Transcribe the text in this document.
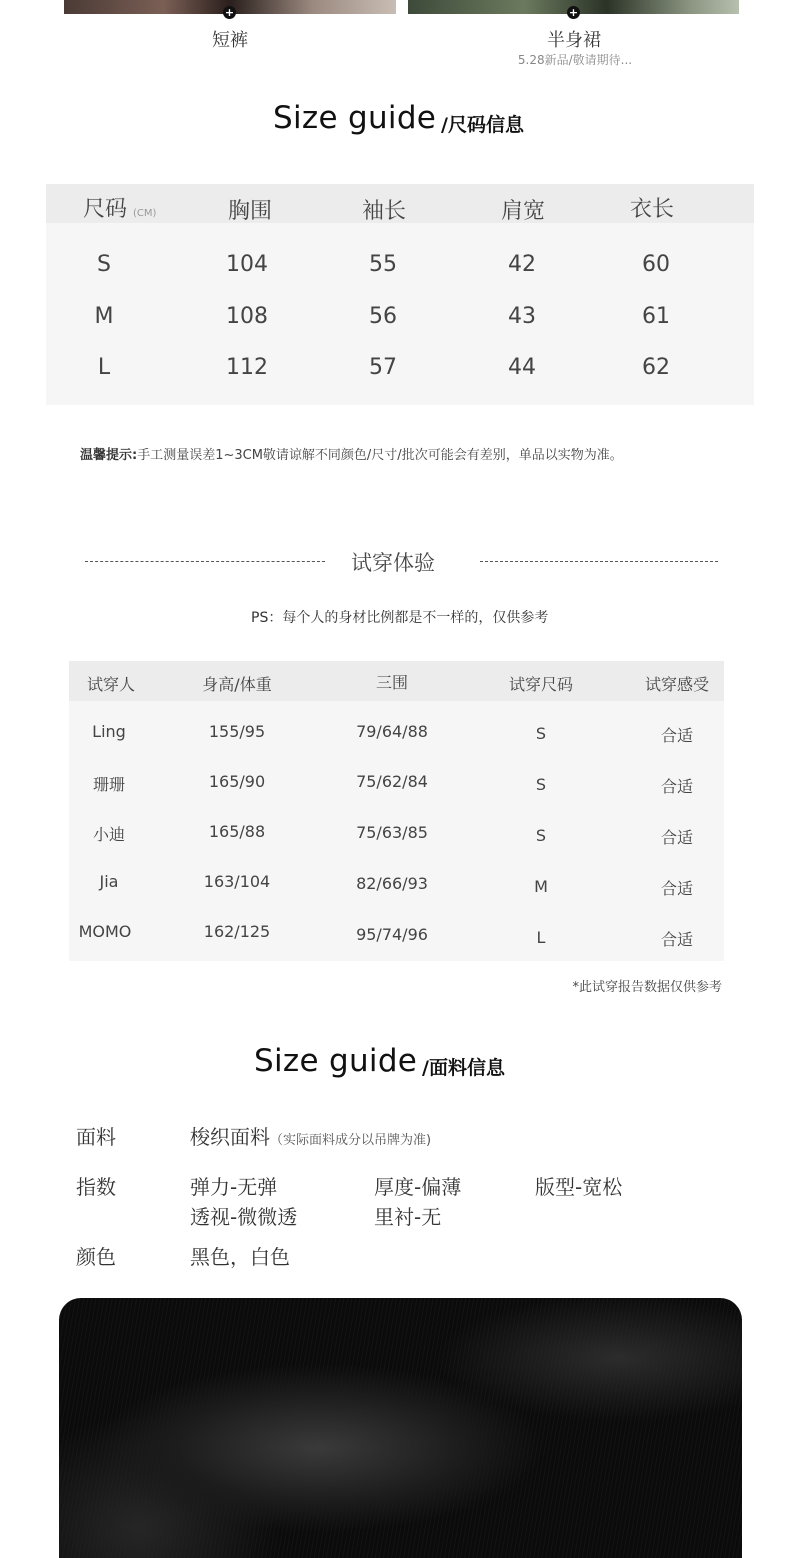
+	+
短裤	半身裙
5.28新品/敬请期待...
Size guide /尺码信息
尺码 (CM)	胸围	袖长	肩宽	衣长
S	104	55	42	60
M	108	56	43	61
L	112	57	44	62
温馨提示:手工测量误差1~3CM敬请谅解不同颜色/尺寸/批次可能会有差别，单品以实物为准。
试穿体验
PS：每个人的身材比例都是不一样的，仅供参考
试穿人	身高/体重	三围	试穿尺码	试穿感受
Ling	155/95	79/64/88	S	合适
珊珊	165/90	75/62/84	S	合适
小迪	165/88	75/63/85	S	合适
Jia	163/104	82/66/93	M	合适
MOMO	162/125	95/74/96	L	合适
*此试穿报告数据仅供参考
Size guide /面料信息
面料	梭织面料（实际面料成分以吊牌为准)
指数	弹力-无弹	厚度-偏薄	版型-宽松
透视-微微透	里衬-无
颜色	黑色，白色
